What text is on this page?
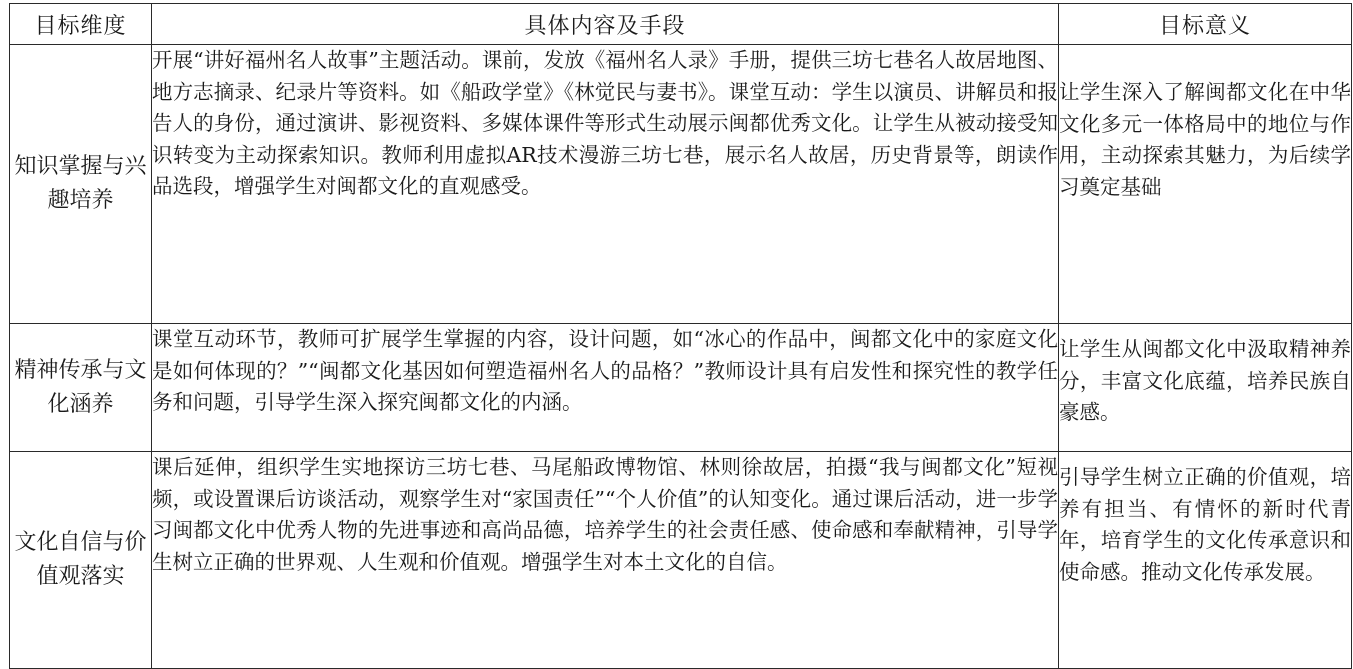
目标维度	具体内容及手段	目标意义
知识掌握与兴趣培养	开展“讲好福州名人故事”主题活动。课前，发放《福州名人录》手册，提供三坊七巷名人故居地图、地方志摘录、纪录片等资料。如《船政学堂》《林觉民与妻书》。课堂互动：学生以演员、讲解员和报告人的身份，通过演讲、影视资料、多媒体课件等形式生动展示闽都优秀文化。让学生从被动接受知识转变为主动探索知识。教师利用虚拟AR技术漫游三坊七巷，展示名人故居，历史背景等，朗读作品选段，增强学生对闽都文化的直观感受。	让学生深入了解闽都文化在中华文化多元一体格局中的地位与作用，主动探索其魅力，为后续学习奠定基础
精神传承与文化涵养	课堂互动环节，教师可扩展学生掌握的内容，设计问题，如“冰心的作品中，闽都文化中的家庭文化是如何体现的？”“闽都文化基因如何塑造福州名人的品格？”教师设计具有启发性和探究性的教学任务和问题，引导学生深入探究闽都文化的内涵。	让学生从闽都文化中汲取精神养分，丰富文化底蕴，培养民族自豪感。
文化自信与价值观落实	课后延伸，组织学生实地探访三坊七巷、马尾船政博物馆、林则徐故居，拍摄“我与闽都文化”短视频，或设置课后访谈活动，观察学生对“家国责任”“个人价值”的认知变化。通过课后活动，进一步学习闽都文化中优秀人物的先进事迹和高尚品德，培养学生的社会责任感、使命感和奉献精神，引导学生树立正确的世界观、人生观和价值观。增强学生对本土文化的自信。	引导学生树立正确的价值观，培养有担当、有情怀的新时代青年，培育学生的文化传承意识和使命感。推动文化传承发展。
